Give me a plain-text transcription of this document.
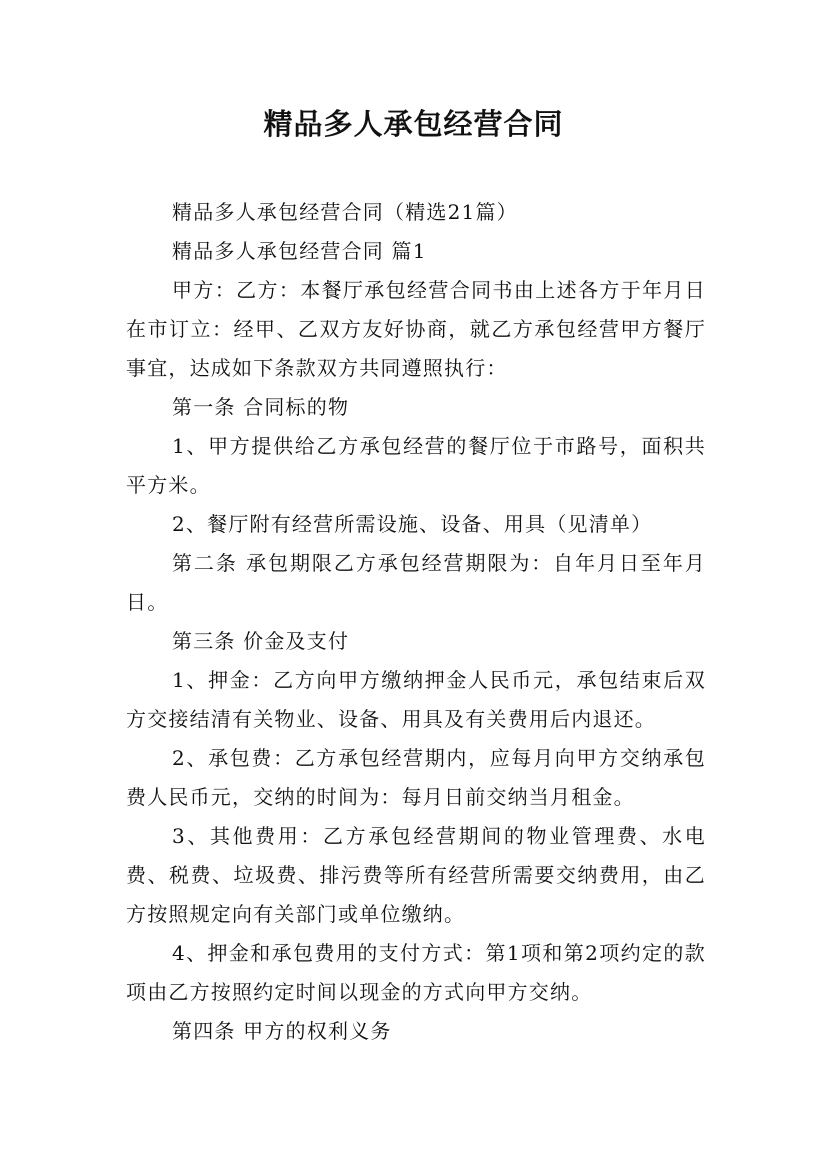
精品多人承包经营合同

精品多人承包经营合同（精选21篇）

精品多人承包经营合同 篇1

甲方：乙方：本餐厅承包经营合同书由上述各方于年月日在市订立：经甲、乙双方友好协商，就乙方承包经营甲方餐厅事宜，达成如下条款双方共同遵照执行：

第一条 合同标的物

1、甲方提供给乙方承包经营的餐厅位于市路号，面积共平方米。

2、餐厅附有经营所需设施、设备、用具（见清单）

第二条 承包期限乙方承包经营期限为：自年月日至年月日。

第三条 价金及支付

1、押金：乙方向甲方缴纳押金人民币元，承包结束后双方交接结清有关物业、设备、用具及有关费用后内退还。

2、承包费：乙方承包经营期内，应每月向甲方交纳承包费人民币元，交纳的时间为：每月日前交纳当月租金。

3、其他费用：乙方承包经营期间的物业管理费、水电费、税费、垃圾费、排污费等所有经营所需要交纳费用，由乙方按照规定向有关部门或单位缴纳。

4、押金和承包费用的支付方式：第1项和第2项约定的款项由乙方按照约定时间以现金的方式向甲方交纳。

第四条 甲方的权利义务
